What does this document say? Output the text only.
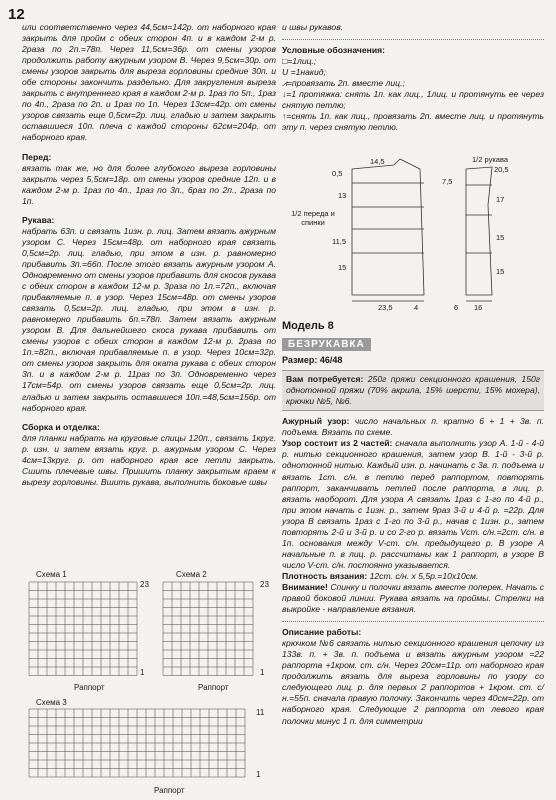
12

или соответственно через 44,5см=142р. от наборного края закрыть для пройм с обеих сторон 4п. и в каждом 2-м р. 2раза по 2п.=78п. Через 11,5см=36р. от смены узоров продолжить работу ажурным узором В. Через 9,5см=30р. от смены узоров закрыть для выреза горловины средние 30п. и обе стороны закончить раздельно. Для закругления выреза закрыть с внутреннего края в каждом 2-м р. 1раз по 5п., 1раз по 4п., 2раза по 2п. и 1раз по 1п. Через 13см=42р. от смены узоров связать еще 0,5см=2р. лиц. гладью и затем закрыть оставшиеся 10п. плеча с каждой стороны 62см=204р. от наборного края.

Перед:

вязать так же, но для более глубокого выреза горловины закрыть через 5,5см=18р. от смены узоров средние 12п. и в каждом 2-м р. 1раз по 4п., 1раз по 3п., 6раз по 2п., 2раза по 1п.

Рукава:

набрать 63п. и связать 1изн. р. лиц. Затем вязать ажурным узором С. Через 15см=48р. от наборного края связать 0,5см=2р. лиц. гладью, при этом в изн. р. равномерно прибавить 3п.=66п. После этого вязать ажурным узором А. Одновременно от смены узоров прибавить для скосов рукава с обеих сторон в каждом 12-м р. 3раза по 1п.=72п., включая прибавляемые п. в узор. Через 15см=48р. от смены узоров связать 0,5см=2р. лиц. гладью, при этом в изн. р. равномерно прибавить 6п.=78п. Затем вязать ажурным узором В. Для дальнейшего скоса рукава прибавить от смены узоров с обеих сторон в каждом 12-м р. 2раза по 1п.=82п., включая прибавляемые п. в узор. Через 10см=32р. от смены узоров закрыть для оката рукава с обеих сторон 3п. и в каждом 2-м р. 11раз по 3п. Одновременно через 17см=54р. от смены узоров связать еще 0,5см=2р. лиц. гладью и затем закрыть оставшиеся 10п.=48,5см=156р. от наборного края.

Сборка и отделка:

для планки набрать на круговые спицы 120п., связать 1круг. р. изн. и затем вязать круг. р. ажурным узором С. Через 4см=13круг. р. от наборного края все петли закрыть. Сшить плечевые швы. Пришить планку закрытым краем к вырезу горловины. Вшить рукава, выполнить боковые швы

Схема 1	Схема 2
23
1
23
1
Раппорт	Раппорт
Схема 3
11
1
Раппорт

и швы рукавов.

Условные обозначения:

□=1лиц.;
U =1накид;
⩘=провязать 2п. вместе лиц.;

↓=1 протяжка: снять 1п. как лиц., 1лиц. и протянуть ее через снятую петлю;

↑=снять 1п. как лиц., провязать 2п. вместе лиц. и протянуть эту п. через снятую петлю.

1/2 переда и спинки
1/2 рукава
14,5
0,5
13
11,5
15
23,5	4
20,5
7,5
17
15
15
16
6
Модель 8
БЕЗРУКАВКА
Размер: 46/48

Вам потребуется: 250г пряжи секционного крашения, 150г однотонной пряжи (70% акрила, 15% шерсти, 15% мохера), крючки №5, №6.

Ажурный узор: число начальных п. кратно 6 + 1 + 3в. п. подъема. Вязать по схеме.

Узор состоит из 2 частей: сначала выполнить узор А. 1-й - 4-й р. нитью секционного крашения, затем узор В. 1-й - 3-й р. однотонной нитью. Каждый изн. р. начинать с 3в. п. подъема и вязать 1ст. с/н. в петлю перед раппортом, повторять раппорт, заканчивать петлей после раппорта, в лиц. р. вязать наоборот. Для узора А связать 1раз с 1-го по 4-й р., при этом начать с 1изн. р., затем 9раз 3-й и 4-й р. =22р. Для узора В связать 1раз с 1-го по 3-й р., начав с 1изн. р., затем повторять 2-й и 3-й р. и со 2-го р. вязать Vст. с/н.=2ст. с/н. в 1п. основания между V-ст. с/н. предыдущего р. В узоре А начальные п. в лиц. р. рассчитаны как 1 раппорт, в узоре В число V-ст. с/н. постоянно указывается.

Плотность вязания: 12ст. с/н. х 5,5р.=10х10см.

Внимание! Спинку и полочки вязать вместе поперек. Начать с правой боковой линии. Рукава вязать на проймы. Стрелки на выкройке - направление вязания.

Описание работы:

крючком №6 связать нитью секционного крашения цепочку из 133в. п. + 3в. п. подъема и вязать ажурным узором =22 раппорта +1кром. ст. с/н. Через 20см=11р. от наборного края продолжить вязать для выреза горловины по узору со следующего лиц. р. для первых 2 раппортов + 1кром. ст. с/н.=55п. сначала правую полочку. Закончить через 40см=22р. от наборного края. Следующие 2 раппорта от левого края полочки минус 1 п. для симметрии
